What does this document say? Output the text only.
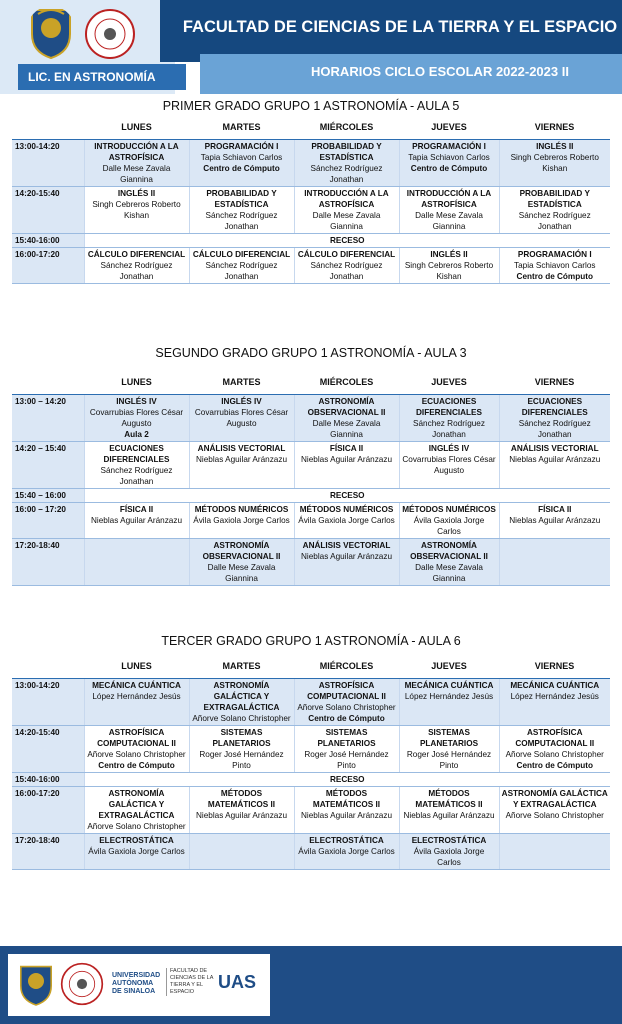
FACULTAD DE CIENCIAS DE LA TIERRA Y EL ESPACIO
LIC. EN ASTRONOMÍA	HORARIOS CICLO ESCOLAR 2022-2023 II
PRIMER GRADO GRUPO 1 ASTRONOMÍA - AULA 5
	LUNES	MARTES	MIÉRCOLES	JUEVES	VIERNES
13:00-14:20	INTRODUCCIÓN A LA ASTROFÍSICA
Dalle Mese Zavala Giannina	PROGRAMACIÓN I
Tapia Schiavon Carlos
Centro de Cómputo	PROBABILIDAD Y ESTADÍSTICA
Sánchez Rodríguez Jonathan	PROGRAMACIÓN I
Tapia Schiavon Carlos
Centro de Cómputo	INGLÉS II
Singh Cebreros Roberto Kishan

14:20-15:40	INGLÉS II
Singh Cebreros Roberto Kishan	PROBABILIDAD Y ESTADÍSTICA
Sánchez Rodríguez Jonathan	INTRODUCCIÓN A LA ASTROFÍSICA
Dalle Mese Zavala Giannina	INTRODUCCIÓN A LA ASTROFÍSICA
Dalle Mese Zavala Giannina	PROBABILIDAD Y ESTADÍSTICA
Sánchez Rodríguez Jonathan

15:40-16:00	RECESO				
16:00-17:20	CÁLCULO DIFERENCIAL
Sánchez Rodríguez Jonathan	CÁLCULO DIFERENCIAL
Sánchez Rodríguez Jonathan	CÁLCULO DIFERENCIAL
Sánchez Rodríguez Jonathan	INGLÉS II
Singh Cebreros Roberto Kishan	PROGRAMACIÓN I
Tapia Schiavon Carlos
Centro de Cómputo
SEGUNDO GRADO GRUPO 1 ASTRONOMÍA - AULA 3
	LUNES	MARTES	MIÉRCOLES	JUEVES	VIERNES
13:00 – 14:20	INGLÉS IV
Covarrubias Flores César Augusto
Aula 2	INGLÉS IV
Covarrubias Flores César Augusto	ASTRONOMÍA OBSERVACIONAL II
Dalle Mese Zavala Giannina	ECUACIONES DIFERENCIALES
Sánchez Rodríguez Jonathan	ECUACIONES DIFERENCIALES
Sánchez Rodríguez Jonathan

14:20 – 15:40	ECUACIONES DIFERENCIALES
Sánchez Rodríguez Jonathan	ANÁLISIS VECTORIAL
Nieblas Aguilar Aránzazu	FÍSICA II
Nieblas Aguilar Aránzazu	INGLÉS IV
Covarrubias Flores César Augusto	ANÁLISIS VECTORIAL
Nieblas Aguilar Aránzazu

15:40 – 16:00	RECESO				
16:00 – 17:20	FÍSICA II
Nieblas Aguilar Aránzazu	MÉTODOS NUMÉRICOS
Ávila Gaxiola Jorge Carlos	MÉTODOS NUMÉRICOS
Ávila Gaxiola Jorge Carlos	MÉTODOS NUMÉRICOS
Ávila Gaxiola Jorge Carlos	FÍSICA II
Nieblas Aguilar Aránzazu

17:20-18:40		ASTRONOMÍA OBSERVACIONAL II
Dalle Mese Zavala Giannina	ANÁLISIS VECTORIAL
Nieblas Aguilar Aránzazu	ASTRONOMÍA OBSERVACIONAL II
Dalle Mese Zavala Giannina	

TERCER GRADO GRUPO 1 ASTRONOMÍA - AULA 6
	LUNES	MARTES	MIÉRCOLES	JUEVES	VIERNES
13:00-14:20	MECÁNICA CUÁNTICA
López Hernández Jesús	ASTRONOMÍA GALÁCTICA Y EXTRAGALÁCTICA
Añorve Solano Christopher	ASTROFÍSICA COMPUTACIONAL II
Añorve Solano Christopher
Centro de Cómputo	MECÁNICA CUÁNTICA
López Hernández Jesús	MECÁNICA CUÁNTICA
López Hernández Jesús

14:20-15:40	ASTROFÍSICA COMPUTACIONAL II
Añorve Solano Christopher
Centro de Cómputo	SISTEMAS PLANETARIOS
Roger José Hernández Pinto	SISTEMAS PLANETARIOS
Roger José Hernández Pinto	SISTEMAS PLANETARIOS
Roger José Hernández Pinto	ASTROFÍSICA COMPUTACIONAL II
Añorve Solano Christopher
Centro de Cómputo

15:40-16:00	RECESO				
16:00-17:20	ASTRONOMÍA GALÁCTICA Y EXTRAGALÁCTICA
Añorve Solano Christopher	MÉTODOS MATEMÁTICOS II
Nieblas Aguilar Aránzazu	MÉTODOS MATEMÁTICOS II
Nieblas Aguilar Aránzazu	MÉTODOS MATEMÁTICOS II
Nieblas Aguilar Aránzazu	ASTRONOMÍA GALÁCTICA Y EXTRAGALÁCTICA
Añorve Solano Christopher

17:20-18:40	ELECTROSTÁTICA
Ávila Gaxiola Jorge Carlos		ELECTROSTÁTICA
Ávila Gaxiola Jorge Carlos	ELECTROSTÁTICA
Ávila Gaxiola Jorge Carlos	

UNIVERSIDAD AUTÓNOMA DE SINALOA
FACULTAD DE CIENCIAS DE LA TIERRA Y EL ESPACIO	UAS
